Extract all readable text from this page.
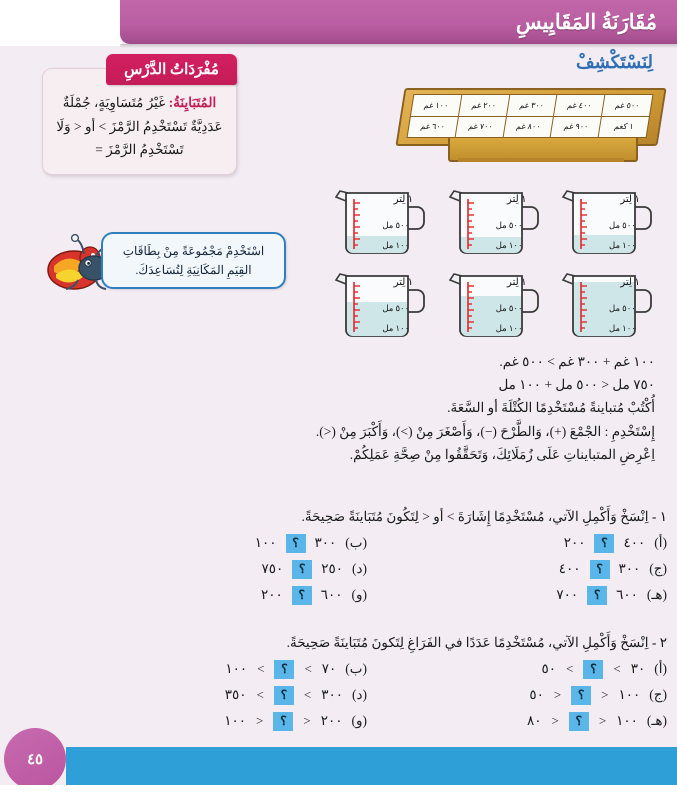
مُقَارَنَةُ المَقَايِيسِ
لِنَسْتَكْشِفْ
المُتَبَايِنَةُ: غَيْرُ مُتَسَاوِيَةٍ، جُمْلَةٌ عَدَدِيَّةٌ تَسْتَخْدِمُ الرَّمْزَ > أو < وَلَا تَسْتَخْدِمُ الرَّمْزَ =
مُفْرَدَاتُ الدَّرْسِ
اسْتَخْدِمْ مَجْمُوعَةً مِنْ بِطَاقَاتِ
القِيَمِ المَكَانِيَةِ لِتُسَاعِدَكَ.
٥٠٠ غم
٤٠٠ غم
٣٠٠ غم
٢٠٠ غم
١٠٠ غم
١ كغم
٩٠٠ غم
٨٠٠ غم
٧٠٠ غم
٦٠٠ غم
١ لِتر
٥٠٠ مل
١٠٠ مل
١ لِتر
٥٠٠ مل
١٠٠ مل
١ لِتر
٥٠٠ مل
١٠٠ مل
١ لِتر
٥٠٠ مل
١٠٠ مل
١ لِتر
٥٠٠ مل
١٠٠ مل
١ لِتر
٥٠٠ مل
١٠٠ مل
١٠٠ غم + ٣٠٠ غم > ٥٠٠ غم.
٧٥٠ مل < ٥٠٠ مل + ١٠٠ مل
أُكْتُبْ مُتباينةً مُسْتَخْدِمًا الكُتْلَةَ أو السَّعَةَ.
إِسْتَخْدِمِ : الجْمْعَ (+)، وَالطَّرْحَ (−)، وَأَصْغَرَ مِنْ (>)، وَأَكْبَرَ مِنْ (<).
اِعْرِضِ المتبايناتِ عَلَى زُمَلَائِكَ، وَتَحَقَّقُوا مِنْ صِحَّةِ عَمَلِكُمْ.
١ - اِنْسَخْ وَأَكْمِلِ الآتي، مُسْتَخْدِمًا إِشَارَةَ > أو < لِتَكُونَ مُتَبَاينَةً صَحِيحَةً.
(أ)
٤٠٠
؟
٢٠٠
(ب)
٣٠٠
؟
١٠٠
(ج)
٣٠٠
؟
٤٠٠
(د)
٢٥٠
؟
٧٥٠
(هـ)
٦٠٠
؟
٧٠٠
(و)
٦٠٠
؟
٢٠٠
٢ - اِنْسَخْ وَأَكْمِلِ الآتي، مُسْتَخْدِمًا عَدَدًا في الفَرَاغِ لِتَكونَ مُتَبَاينَةً صَحِيحَةً.
(أ)
٣٠
>
؟
>
٥٠
(ب)
٧٠
>
؟
>
١٠٠
(ج)
١٠٠
<
؟
<
٥٠
(د)
٣٠٠
>
؟
>
٣٥٠
(هـ)
١٠٠
<
؟
<
٨٠
(و)
٢٠٠
<
؟
<
١٠٠
٤٥
